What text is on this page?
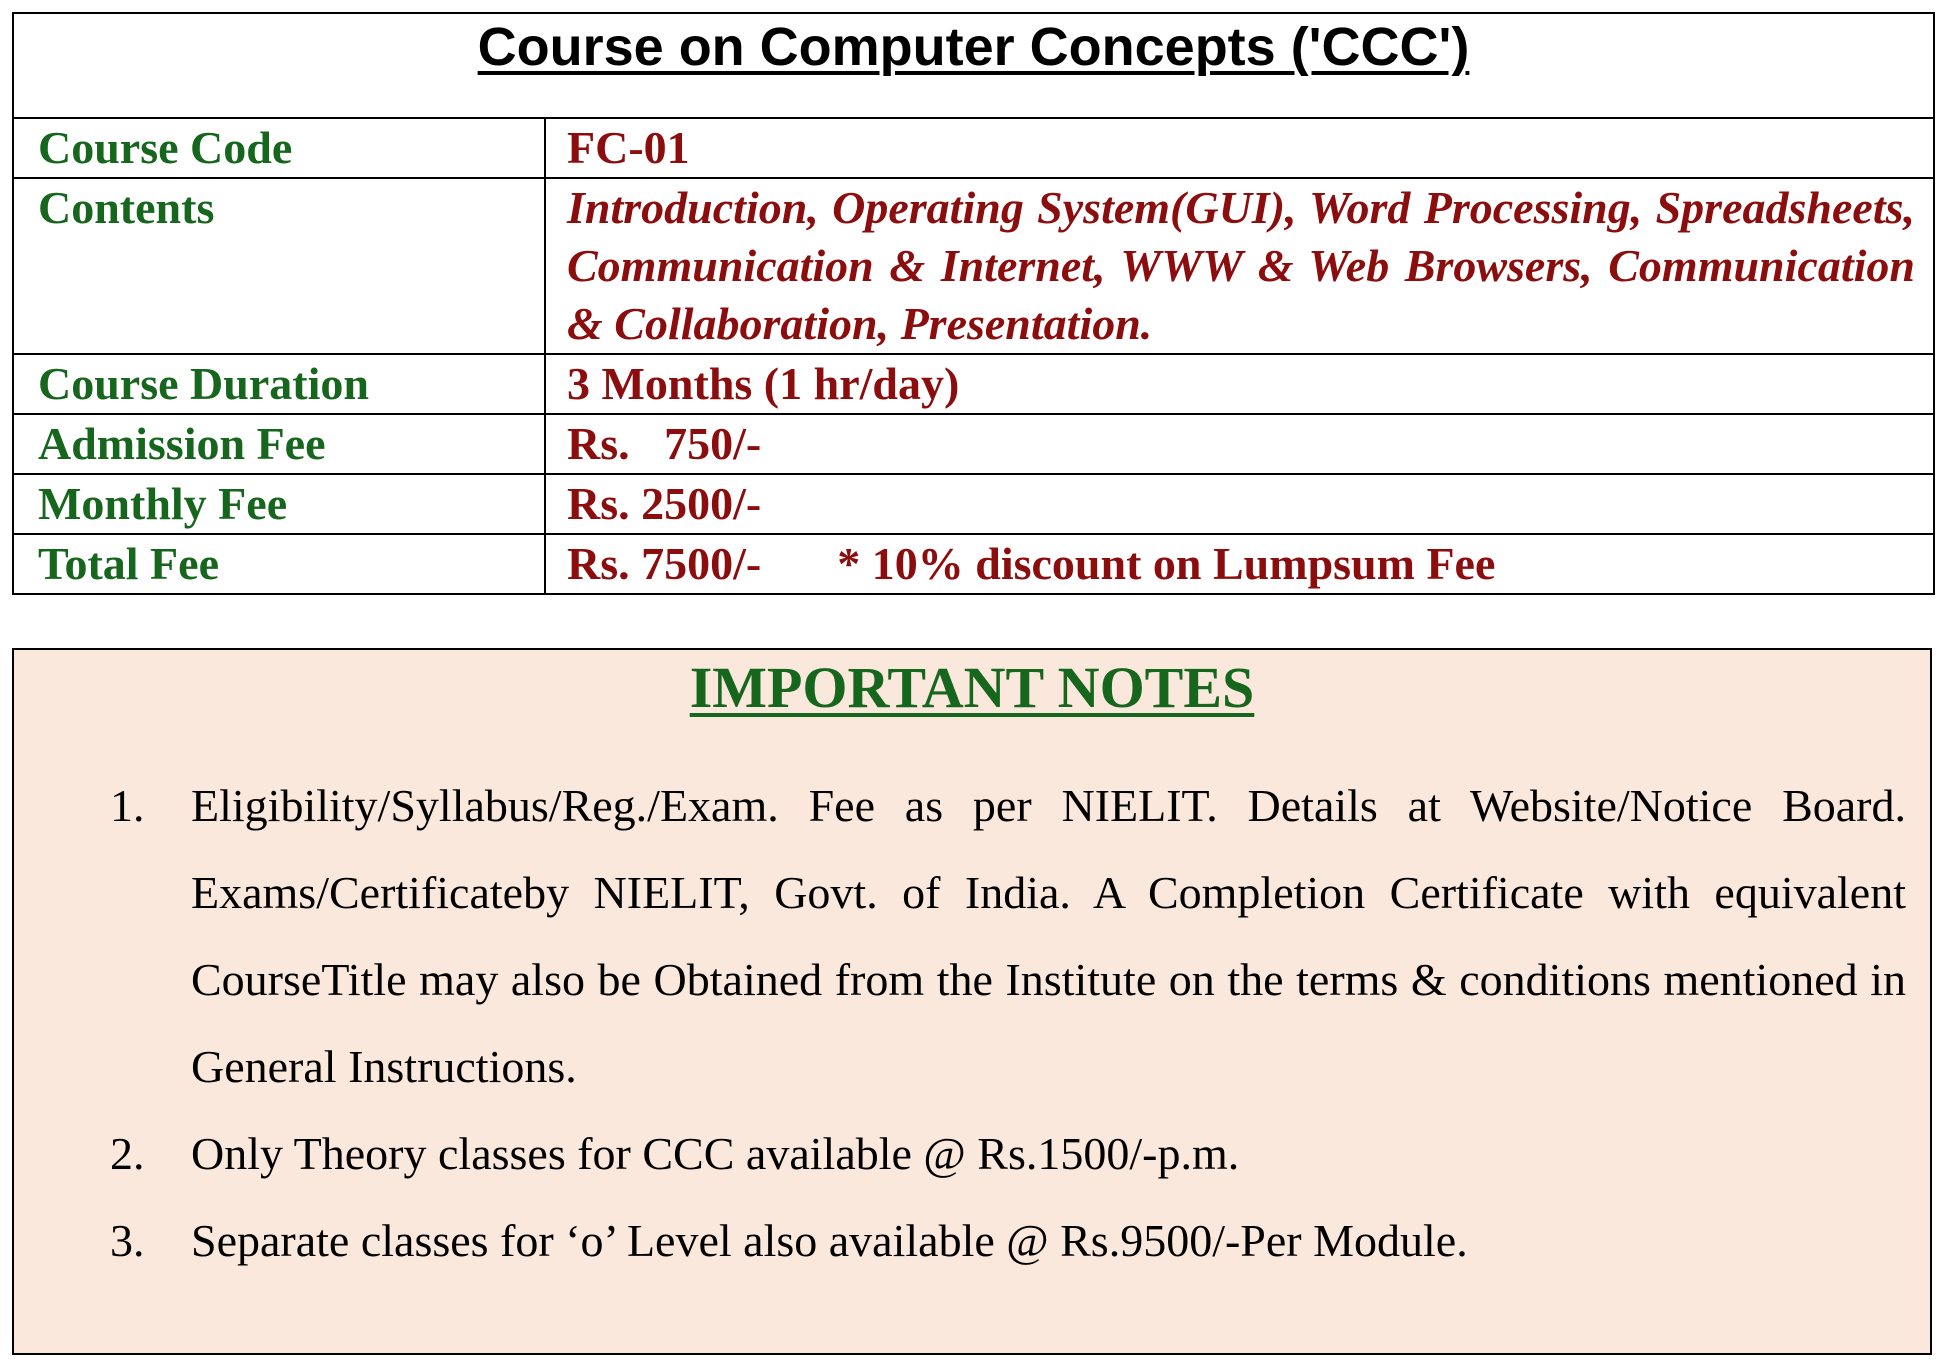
Course on Computer Concepts ('CCC')	
Course Code	FC-01
Contents	Introduction, Operating System(GUI), Word Processing, Spreadsheets, Communication & Internet, WWW & Web Browsers, Communication & Collaboration, Presentation.
Course Duration	3 Months (1 hr/day)
Admission Fee	Rs.   750/-
Monthly Fee	Rs. 2500/-
Total Fee	Rs. 7500/- * 10% discount on Lumpsum Fee
IMPORTANT NOTES
1.	Eligibility/Syllabus/Reg./Exam. Fee as per NIELIT. Details at Website/Notice Board. Exams/Certificateby NIELIT, Govt. of India. A Completion Certificate with equivalent CourseTitle may also be Obtained from the Institute on the terms & conditions mentioned in General Instructions.
2.	Only Theory classes for CCC available @ Rs.1500/-p.m.
3.	Separate classes for ‘o’ Level also available @ Rs.9500/-Per Module.
